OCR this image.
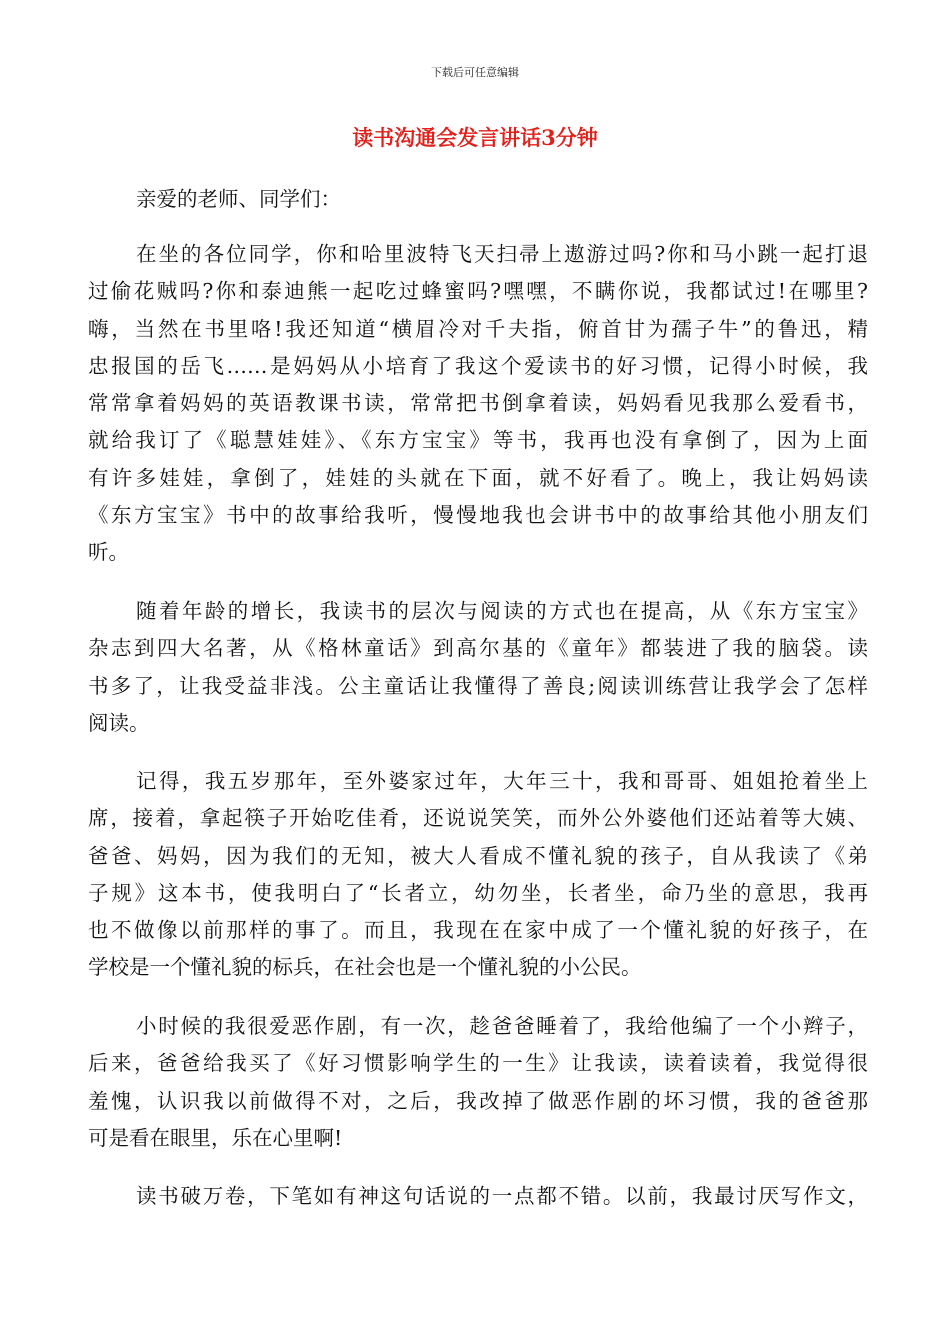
下载后可任意编辑
读书沟通会发言讲话3分钟
亲爱的老师、同学们：
在坐的各位同学，你和哈里波特飞天扫帚上遨游过吗?你和马小跳一起打退
过偷花贼吗?你和泰迪熊一起吃过蜂蜜吗?嘿嘿，不瞒你说，我都试过!在哪里?
嗨，当然在书里咯!我还知道“横眉冷对千夫指，俯首甘为孺子牛”的鲁迅，精
忠报国的岳飞……是妈妈从小培育了我这个爱读书的好习惯，记得小时候，我
常常拿着妈妈的英语教课书读，常常把书倒拿着读，妈妈看见我那么爱看书，
就给我订了《聪慧娃娃》、《东方宝宝》等书，我再也没有拿倒了，因为上面
有许多娃娃，拿倒了，娃娃的头就在下面，就不好看了。晚上，我让妈妈读
《东方宝宝》书中的故事给我听，慢慢地我也会讲书中的故事给其他小朋友们
听。
随着年龄的增长，我读书的层次与阅读的方式也在提高，从《东方宝宝》
杂志到四大名著，从《格林童话》到高尔基的《童年》都装进了我的脑袋。读
书多了，让我受益非浅。公主童话让我懂得了善良;阅读训练营让我学会了怎样
阅读。
记得，我五岁那年，至外婆家过年，大年三十，我和哥哥、姐姐抢着坐上
席，接着，拿起筷子开始吃佳肴，还说说笑笑，而外公外婆他们还站着等大姨、
爸爸、妈妈，因为我们的无知，被大人看成不懂礼貌的孩子，自从我读了《弟
子规》这本书，使我明白了“长者立，幼勿坐，长者坐，命乃坐的意思，我再
也不做像以前那样的事了。而且，我现在在家中成了一个懂礼貌的好孩子，在
学校是一个懂礼貌的标兵，在社会也是一个懂礼貌的小公民。
小时候的我很爱恶作剧，有一次，趁爸爸睡着了，我给他编了一个小辫子，
后来，爸爸给我买了《好习惯影响学生的一生》让我读，读着读着，我觉得很
羞愧，认识我以前做得不对，之后，我改掉了做恶作剧的坏习惯，我的爸爸那
可是看在眼里，乐在心里啊!
读书破万卷，下笔如有神这句话说的一点都不错。以前，我最讨厌写作文，
